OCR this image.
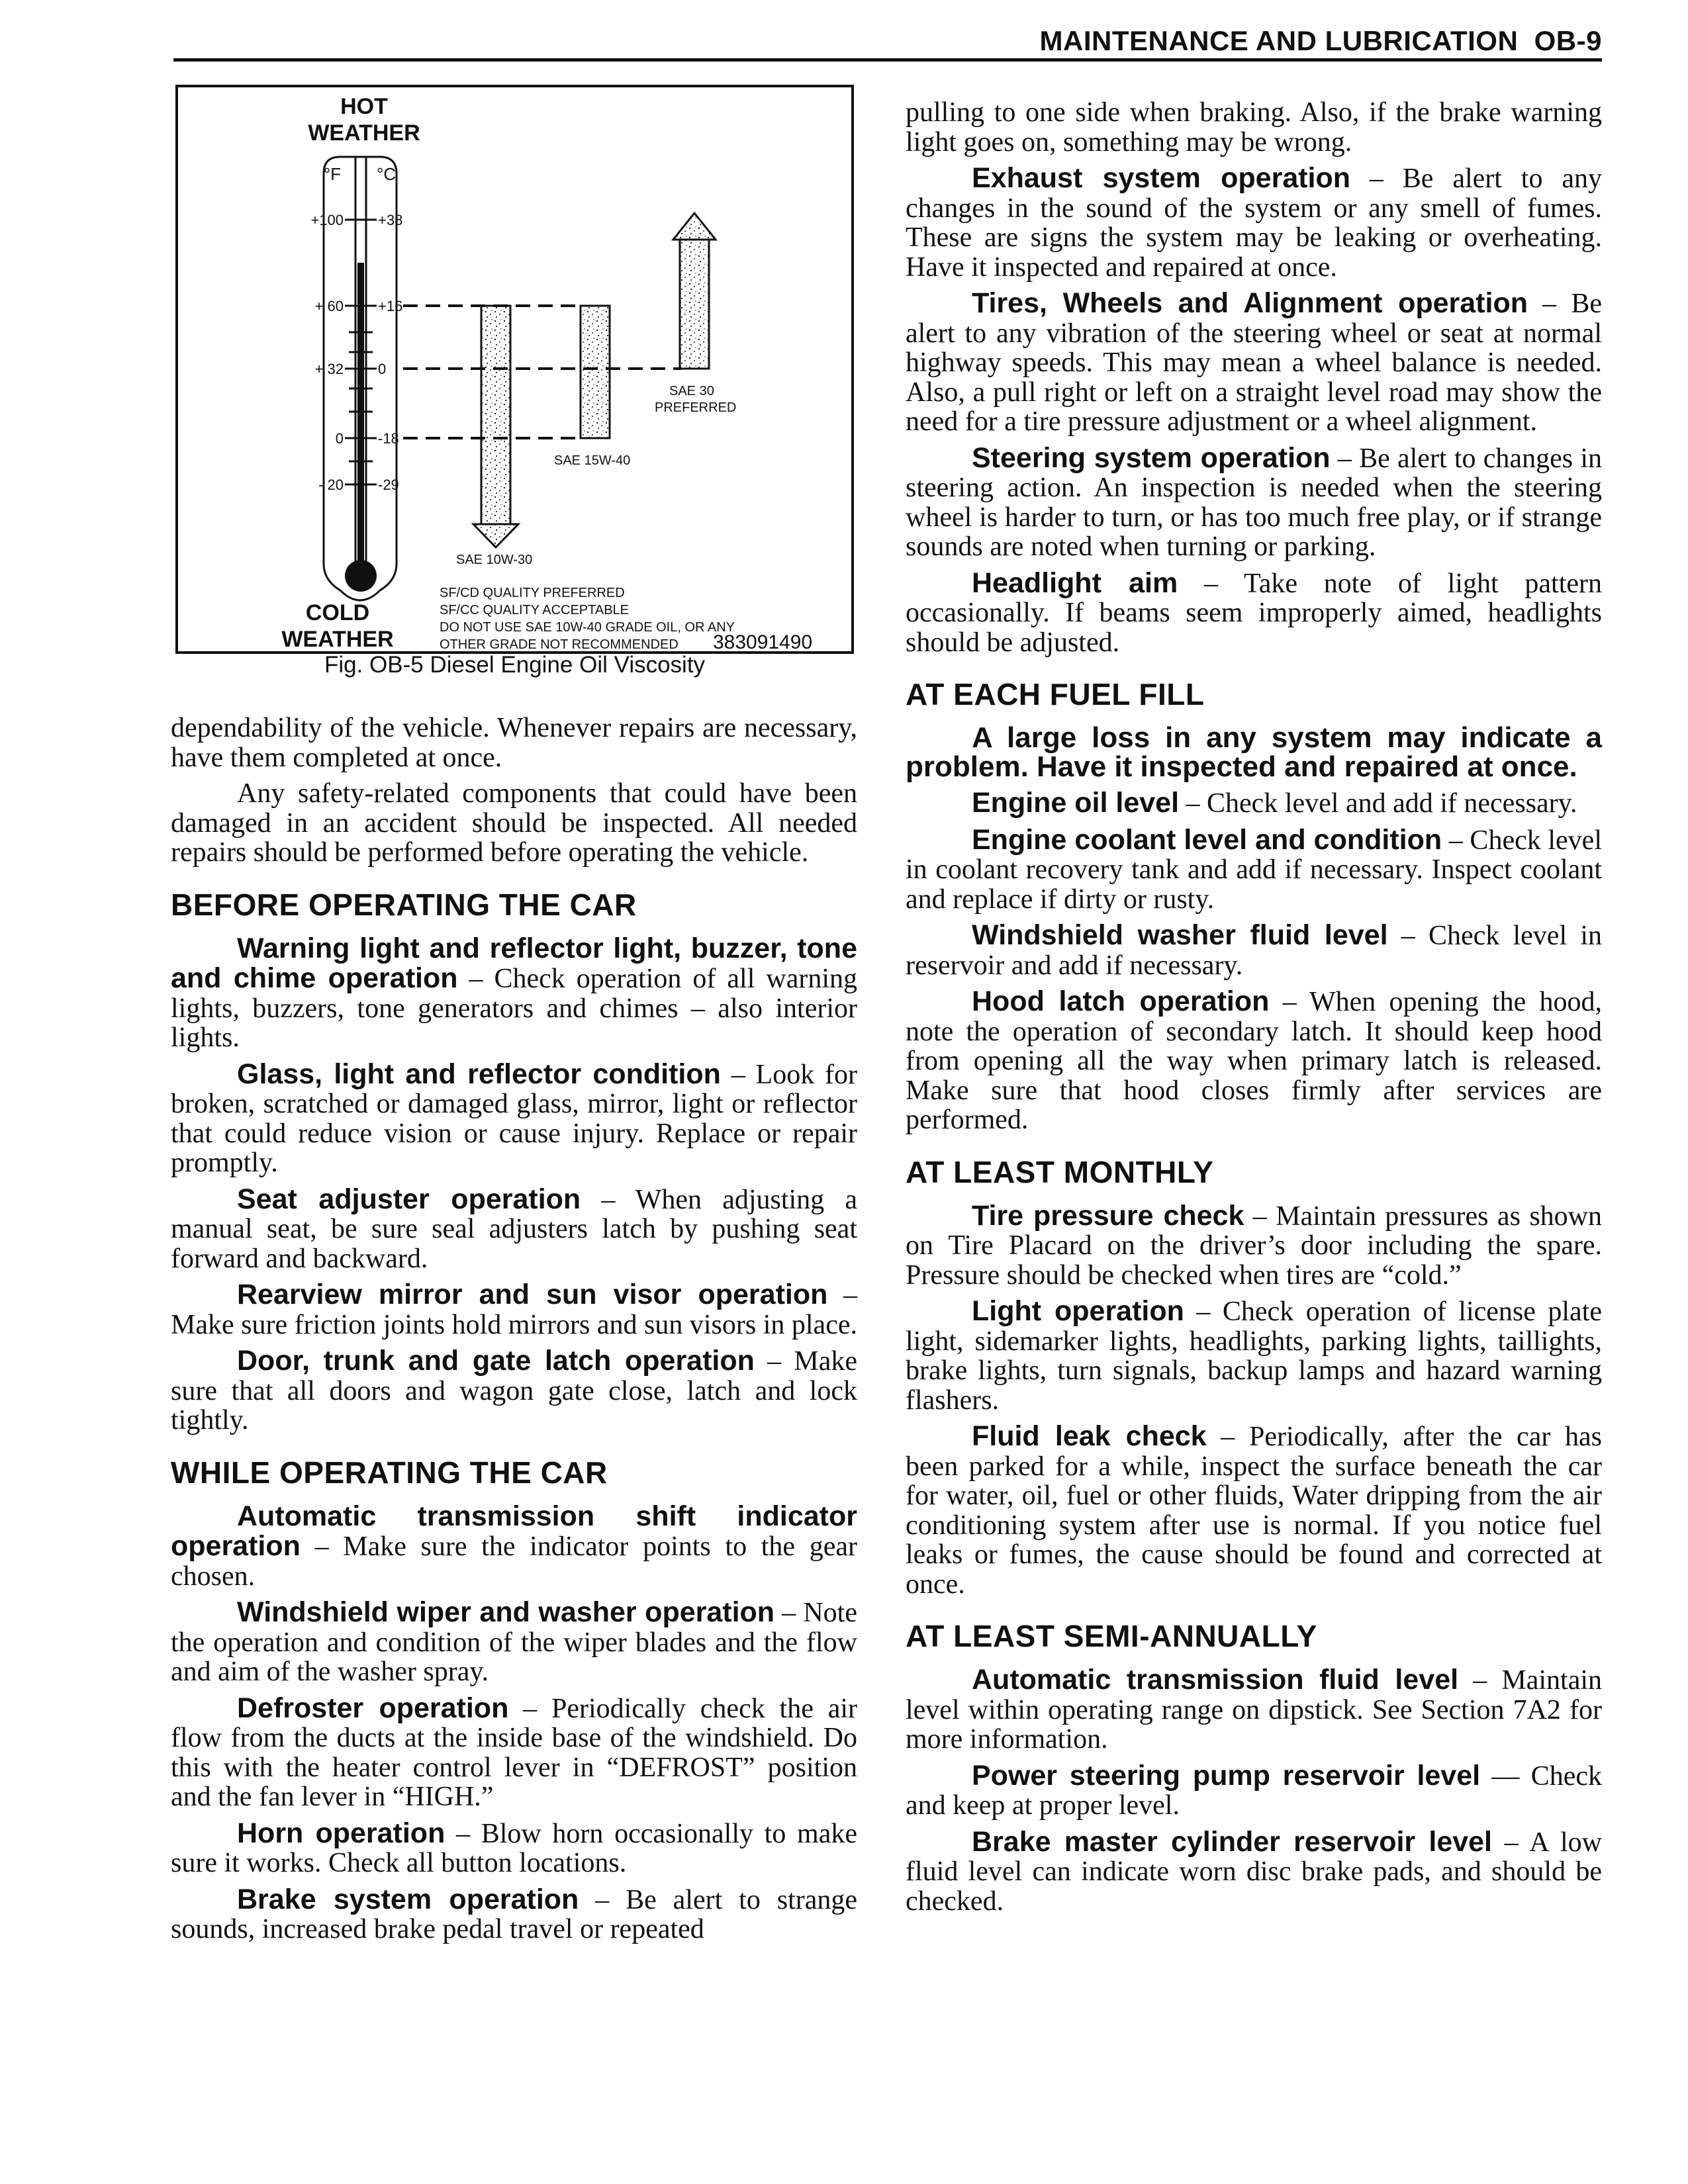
MAINTENANCE AND LUBRICATION OB-9
HOT
WEATHER
COLD
WEATHER
°F °C
+100
+ 60
+ 32
0
- 20
+38
+16
0
-18
-29
SAE 30
PREFERRED
SAE 15W-40
SAE 10W-30
SF/CD QUALITY PREFERRED
SF/CC QUALITY ACCEPTABLE
DO NOT USE SAE 10W-40 GRADE OIL, OR ANY
OTHER GRADE NOT RECOMMENDED 383091490
Fig. OB-5 Diesel Engine Oil Viscosity

dependability of the vehicle. Whenever repairs are necessary, have them completed at once.

Any safety-related components that could have been damaged in an accident should be inspected. All needed repairs should be performed before operating the vehicle.

BEFORE OPERATING THE CAR

Warning light and reflector light, buzzer, tone and chime operation – Check operation of all warning lights, buzzers, tone generators and chimes – also interior lights.

Glass, light and reflector condition – Look for broken, scratched or damaged glass, mirror, light or reflector that could reduce vision or cause injury. Replace or repair promptly.

Seat adjuster operation – When adjusting a manual seat, be sure seal adjusters latch by pushing seat forward and backward.

Rearview mirror and sun visor operation – Make sure friction joints hold mirrors and sun visors in place.

Door, trunk and gate latch operation – Make sure that all doors and wagon gate close, latch and lock tightly.

WHILE OPERATING THE CAR

Automatic transmission shift indicator operation – Make sure the indicator points to the gear chosen.

Windshield wiper and washer operation – Note the operation and condition of the wiper blades and the flow and aim of the washer spray.

Defroster operation – Periodically check the air flow from the ducts at the inside base of the windshield. Do this with the heater control lever in “DEFROST” position and the fan lever in “HIGH.”

Horn operation – Blow horn occasionally to make sure it works. Check all button locations.

Brake system operation – Be alert to strange sounds, increased brake pedal travel or repeated

pulling to one side when braking. Also, if the brake warning light goes on, something may be wrong.

Exhaust system operation – Be alert to any changes in the sound of the system or any smell of fumes. These are signs the system may be leaking or overheating. Have it inspected and repaired at once.

Tires, Wheels and Alignment operation – Be alert to any vibration of the steering wheel or seat at normal highway speeds. This may mean a wheel balance is needed. Also, a pull right or left on a straight level road may show the need for a tire pressure adjustment or a wheel alignment.

Steering system operation – Be alert to changes in steering action. An inspection is needed when the steering wheel is harder to turn, or has too much free play, or if strange sounds are noted when turning or parking.

Headlight aim – Take note of light pattern occasionally. If beams seem improperly aimed, headlights should be adjusted.

AT EACH FUEL FILL

A large loss in any system may indicate a problem. Have it inspected and repaired at once.

Engine oil level – Check level and add if necessary.

Engine coolant level and condition – Check level in coolant recovery tank and add if necessary. Inspect coolant and replace if dirty or rusty.

Windshield washer fluid level – Check level in reservoir and add if necessary.

Hood latch operation – When opening the hood, note the operation of secondary latch. It should keep hood from opening all the way when primary latch is released. Make sure that hood closes firmly after services are performed.

AT LEAST MONTHLY

Tire pressure check – Maintain pressures as shown on Tire Placard on the driver’s door including the spare. Pressure should be checked when tires are “cold.”

Light operation – Check operation of license plate light, sidemarker lights, headlights, parking lights, taillights, brake lights, turn signals, backup lamps and hazard warning flashers.

Fluid leak check – Periodically, after the car has been parked for a while, inspect the surface beneath the car for water, oil, fuel or other fluids, Water dripping from the air conditioning system after use is normal. If you notice fuel leaks or fumes, the cause should be found and corrected at once.

AT LEAST SEMI-ANNUALLY

Automatic transmission fluid level – Maintain level within operating range on dipstick. See Section 7A2 for more information.

Power steering pump reservoir level — Check and keep at proper level.

Brake master cylinder reservoir level – A low fluid level can indicate worn disc brake pads, and should be checked.
